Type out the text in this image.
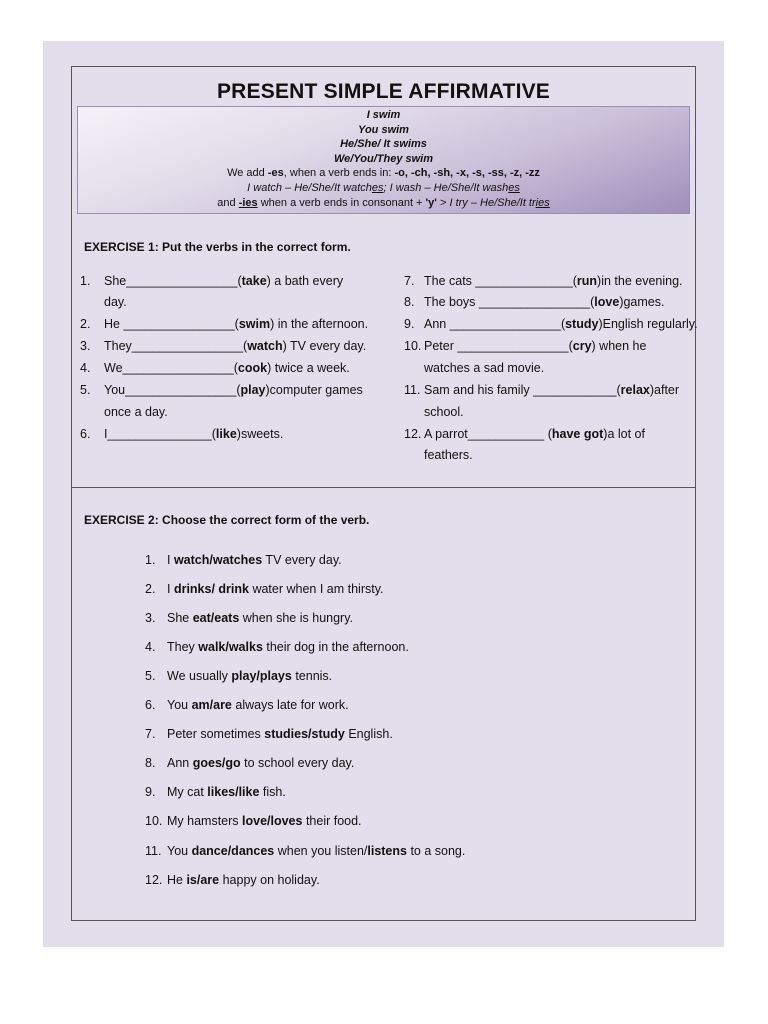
PRESENT SIMPLE AFFIRMATIVE
I swim
You swim
He/She/ It swims
We/You/They swim
We add -es, when a verb ends in: -o, -ch, -sh, -x, -s, -ss, -z, -zz
I watch – He/She/It watches; I wash – He/She/It washes
and -ies when a verb ends in consonant + 'y' > I try – He/She/It tries
EXERCISE 1: Put the verbs in the correct form.
1. She________________(take) a bath every
day.
2. He ________________(swim) in the afternoon.
3. They________________(watch) TV every day.
4. We________________(cook) twice a week.
5. You________________(play)computer games
once a day.
6. I_______________(like)sweets.
7. The cats ______________(run)in the evening.
8. The boys ________________(love)games.
9. Ann ________________(study)English regularly.
10. Peter ________________(cry) when he
watches a sad movie.
11. Sam and his family ____________(relax)after
school.
12. A parrot___________ (have got)a lot of
feathers.
EXERCISE 2: Choose the correct form of the verb.
1. I watch/watches TV every day.
2. I drinks/ drink water when I am thirsty.
3. She eat/eats when she is hungry.
4. They walk/walks their dog in the afternoon.
5. We usually play/plays tennis.
6. You am/are always late for work.
7. Peter sometimes studies/study English.
8. Ann goes/go to school every day.
9. My cat likes/like fish.
10. My hamsters love/loves their food.
11. You dance/dances when you listen/listens to a song.
12. He is/are happy on holiday.
